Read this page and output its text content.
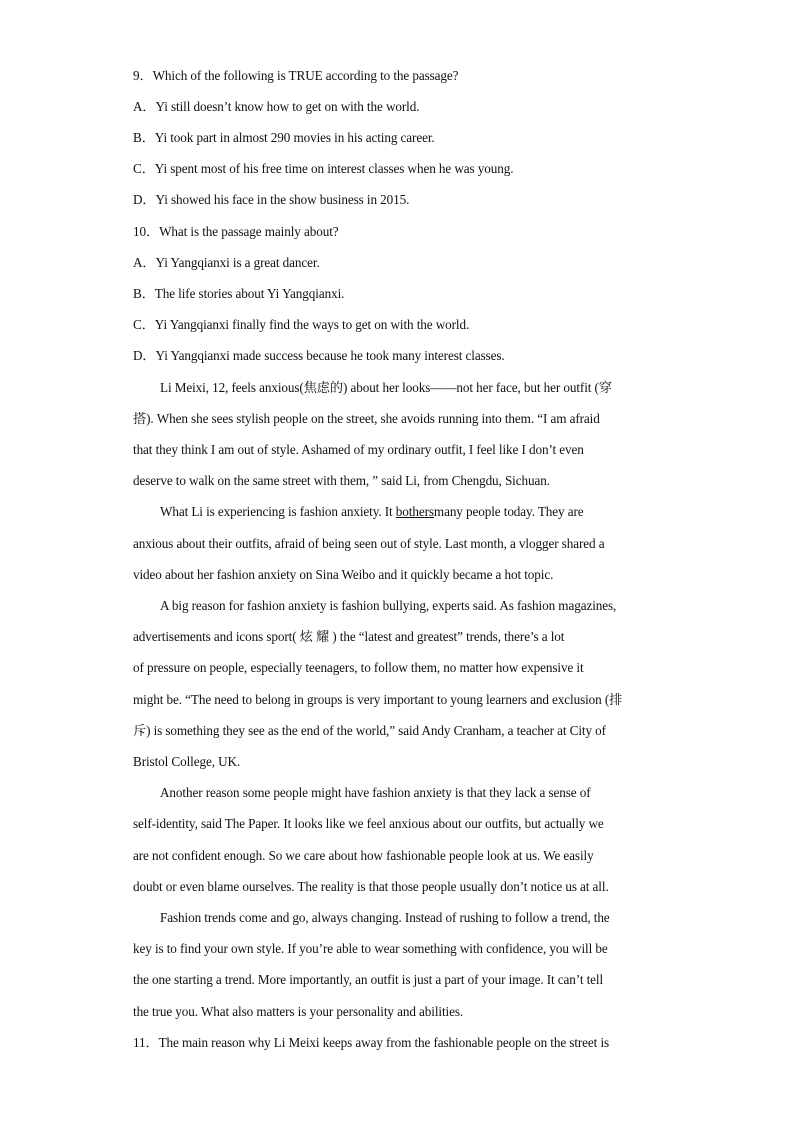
9．Which of the following is TRUE according to the passage?
A．Yi still doesn’t know how to get on with the world.
B．Yi took part in almost 290 movies in his acting career.
C．Yi spent most of his free time on interest classes when he was young.
D．Yi showed his face in the show business in 2015.
10．What is the passage mainly about?
A．Yi Yangqianxi is a great dancer.
B．The life stories about Yi Yangqianxi.
C．Yi Yangqianxi finally find the ways to get on with the world.
D．Yi Yangqianxi made success because he took many interest classes.
Li Meixi, 12, feels anxious(焦虑的) about her looks——not her face, but her outfit (穿
搭). When she sees stylish people on the street, she avoids running into them. “I am afraid
that they think I am out of style. Ashamed of my ordinary outfit, I feel like I don’t even
deserve to walk on the same street with them, ” said Li, from Chengdu, Sichuan.
What Li is experiencing is fashion anxiety. It bothersmany people today. They are
anxious about their outfits, afraid of being seen out of style. Last month, a vlogger shared a
video about her fashion anxiety on Sina Weibo and it quickly became a hot topic.
A big reason for fashion anxiety is fashion bullying, experts said. As fashion magazines,
advertisements and icons sport( 炫 耀 ) the “latest and greatest” trends, there’s a lot
of pressure on people, especially teenagers, to follow them, no matter how expensive it
might be. “The need to belong in groups is very important to young learners and exclusion (排
斥) is something they see as the end of the world,” said Andy Cranham, a teacher at City of
Bristol College, UK.
Another reason some people might have fashion anxiety is that they lack a sense of
self-identity, said The Paper. It looks like we feel anxious about our outfits, but actually we
are not confident enough. So we care about how fashionable people look at us. We easily
doubt or even blame ourselves. The reality is that those people usually don’t notice us at all.
Fashion trends come and go, always changing. Instead of rushing to follow a trend, the
key is to find your own style. If you’re able to wear something with confidence, you will be
the one starting a trend. More importantly, an outfit is just a part of your image. It can’t tell
the true you. What also matters is your personality and abilities.
11．The main reason why Li Meixi keeps away from the fashionable people on the street is
